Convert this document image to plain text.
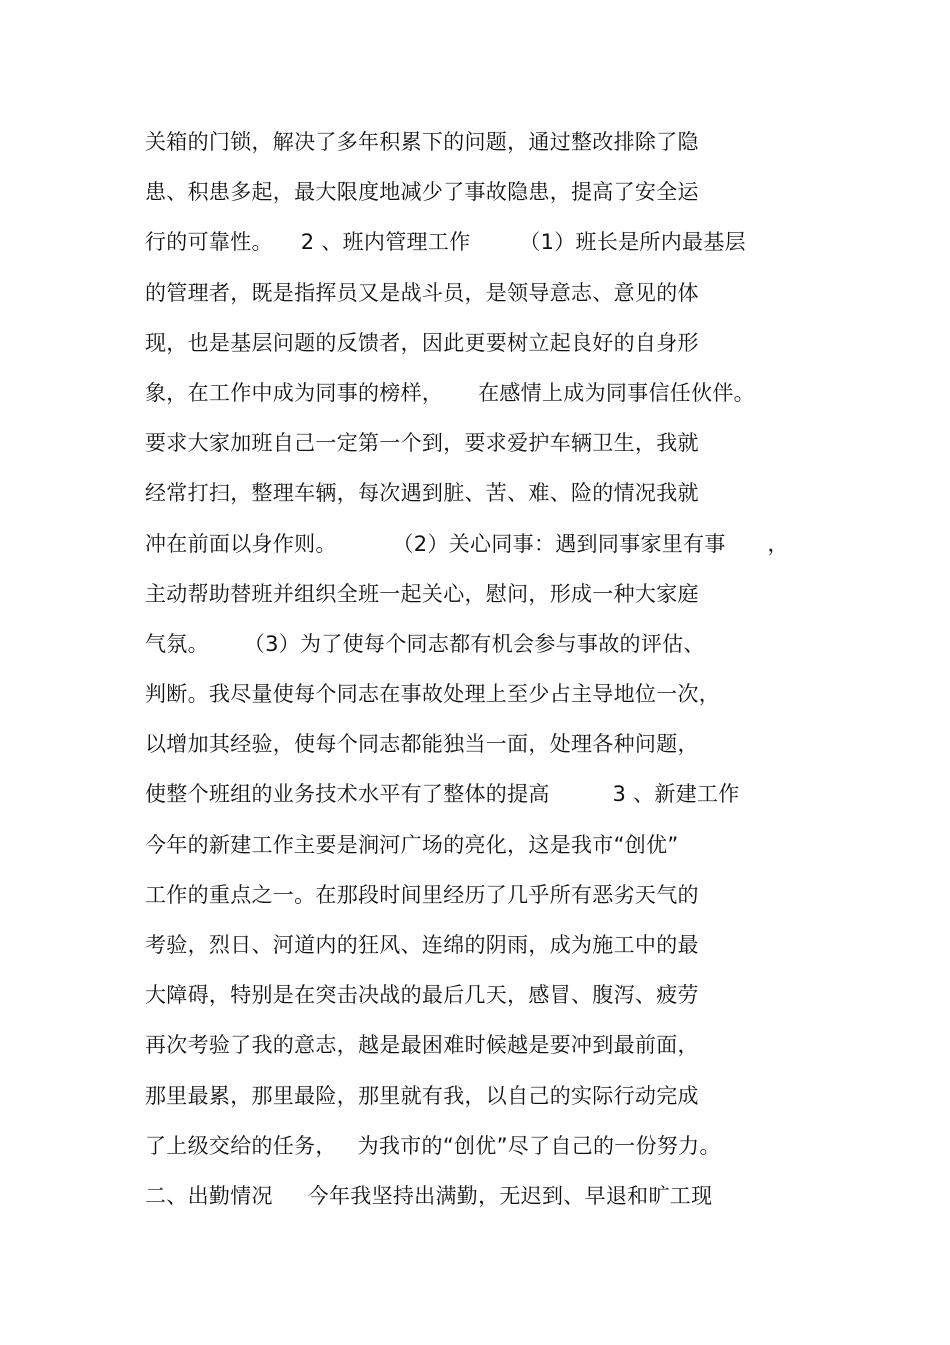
关箱的门锁，解决了多年积累下的问题，通过整改排除了隐
患、积患多起，最大限度地减少了事故隐患，提高了安全运
行的可靠性。    2 、班内管理工作       （1）班长是所内最基层
的管理者，既是指挥员又是战斗员，是领导意志、意见的体
现，也是基层问题的反馈者，因此更要树立起良好的自身形
象，在工作中成为同事的榜样，     在感情上成为同事信任伙伴。
要求大家加班自己一定第一个到，要求爱护车辆卫生，我就
经常打扫，整理车辆，每次遇到脏、苦、难、险的情况我就
冲在前面以身作则。        （2）关心同事：遇到同事家里有事      ，
主动帮助替班并组织全班一起关心，慰问，形成一种大家庭
气氛。     （3）为了使每个同志都有机会参与事故的评估、
判断。我尽量使每个同志在事故处理上至少占主导地位一次，
以增加其经验，使每个同志都能独当一面，处理各种问题，
使整个班组的业务技术水平有了整体的提高         3 、新建工作
今年的新建工作主要是涧河广场的亮化，这是我市“创优”
工作的重点之一。在那段时间里经历了几乎所有恶劣天气的
考验，烈日、河道内的狂风、连绵的阴雨，成为施工中的最
大障碍，特别是在突击决战的最后几天，感冒、腹泻、疲劳
再次考验了我的意志，越是最困难时候越是要冲到最前面，
那里最累，那里最险，那里就有我，以自己的实际行动完成
了上级交给的任务，   为我市的“创优”尽了自己的一份努力。
二、出勤情况     今年我坚持出满勤，无迟到、早退和旷工现
